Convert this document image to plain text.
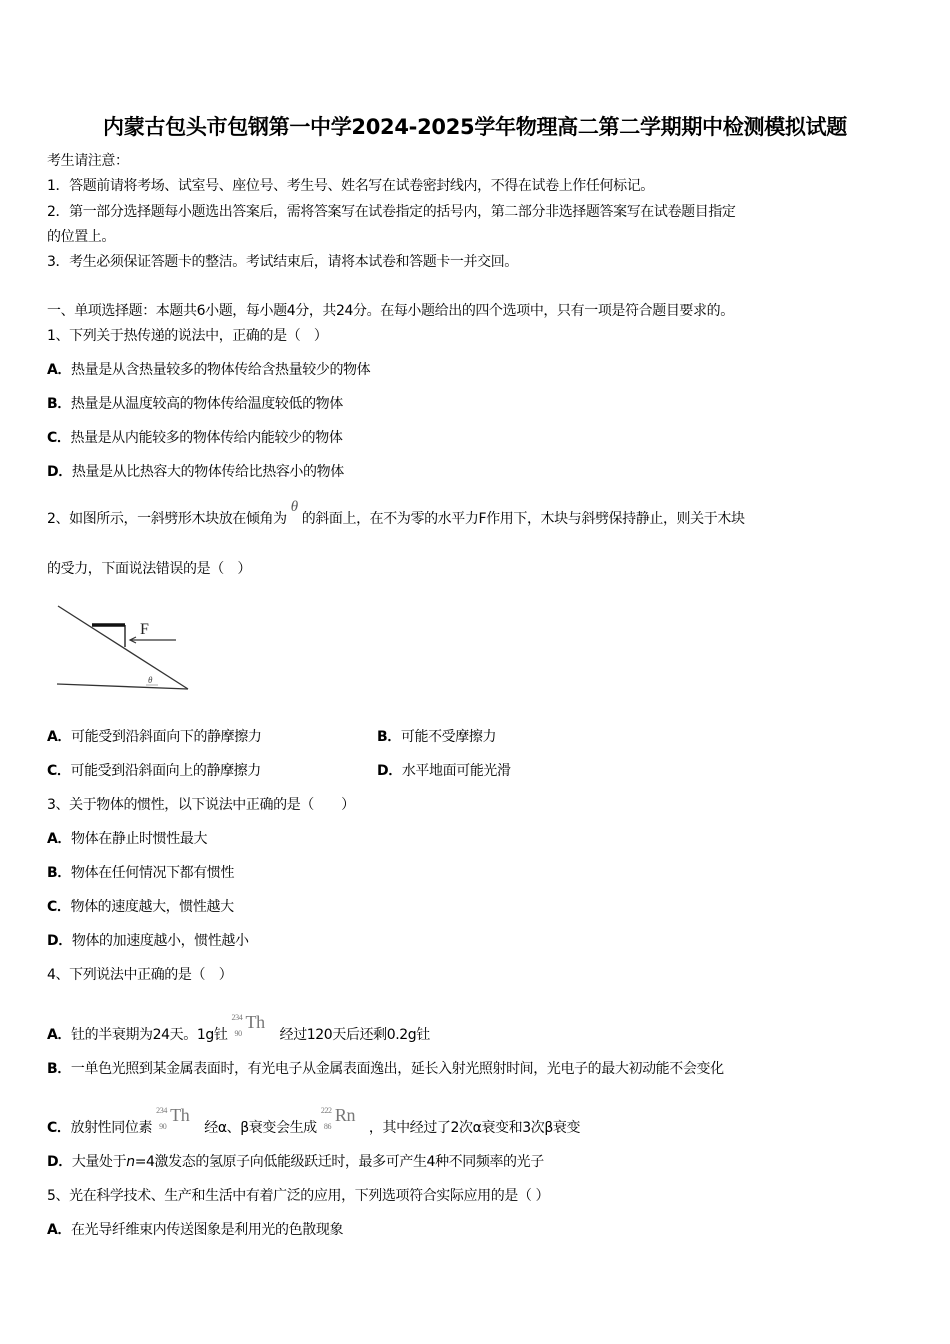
内蒙古包头市包钢第一中学2024-2025学年物理高二第二学期期中检测模拟试题
考生请注意：
1．答题前请将考场、试室号、座位号、考生号、姓名写在试卷密封线内，不得在试卷上作任何标记。
2．第一部分选择题每小题选出答案后，需将答案写在试卷指定的括号内，第二部分非选择题答案写在试卷题目指定
的位置上。
3．考生必须保证答题卡的整洁。考试结束后，请将本试卷和答题卡一并交回。
一、单项选择题：本题共6小题，每小题4分，共24分。在每小题给出的四个选项中，只有一项是符合题目要求的。
1、下列关于热传递的说法中，正确的是（　）
A．热量是从含热量较多的物体传给含热量较少的物体
B．热量是从温度较高的物体传给温度较低的物体
C．热量是从内能较多的物体传给内能较少的物体
D．热量是从比热容大的物体传给比热容小的物体
2、如图所示，一斜劈形木块放在倾角为θ的斜面上，在不为零的水平力F作用下，木块与斜劈保持静止，则关于木块
的受力，下面说法错误的是（　）
F
θ
A．可能受到沿斜面向下的静摩擦力	B．可能不受摩擦力
C．可能受到沿斜面向上的静摩擦力	D．水平地面可能光滑
3、关于物体的惯性，以下说法中正确的是（　　）
A．物体在静止时惯性最大
B．物体在任何情况下都有惯性
C．物体的速度越大，惯性越大
D．物体的加速度越小，惯性越小
4、下列说法中正确的是（　）
A．钍的半衰期为24天。1g钍
234
90
Th
经过120天后还剩0.2g钍
B．一单色光照到某金属表面时，有光电子从金属表面逸出，延长入射光照射时间，光电子的最大初动能不会变化
C．放射性同位素
234
90
Th
经α、β衰变会生成
222
86
Rn
，其中经过了2次α衰变和3次β衰变
D．大量处于n=4激发态的氢原子向低能级跃迁时，最多可产生4种不同频率的光子
5、光在科学技术、生产和生活中有着广泛的应用，下列选项符合实际应用的是（ ）
A．在光导纤维束内传送图象是利用光的色散现象
